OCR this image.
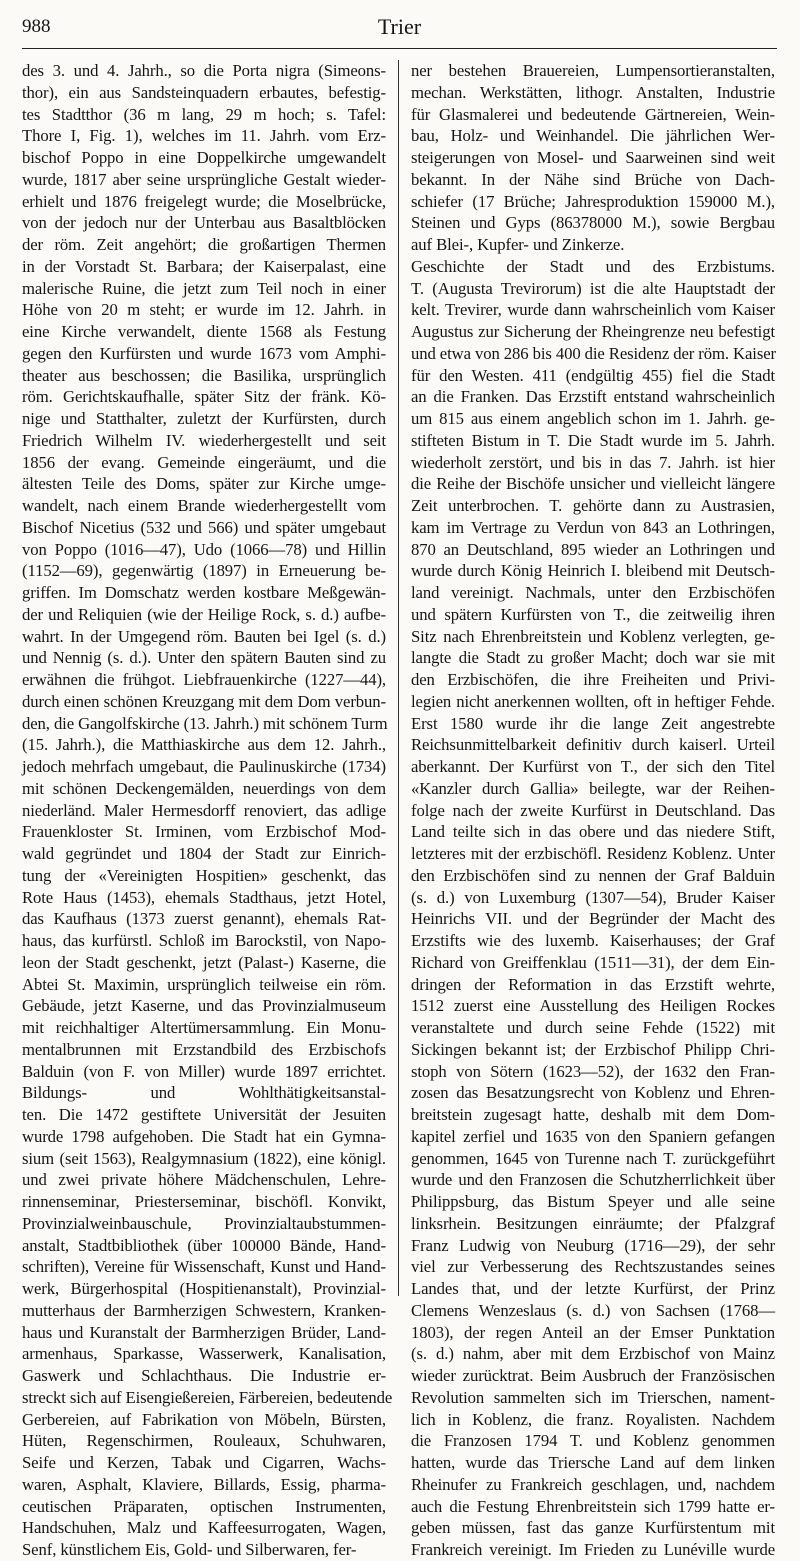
988	Trier
des 3. und 4. Jahrh., so die Porta nigra (Simeons-
thor), ein aus Sandsteinquadern erbautes, befestig-
tes Stadtthor (36 m lang, 29 m hoch; s. Tafel:
Thore I, Fig. 1), welches im 11. Jahrh. vom Erz-
bischof Poppo in eine Doppelkirche umgewandelt
wurde, 1817 aber seine ursprüngliche Gestalt wieder-
erhielt und 1876 freigelegt wurde; die Moselbrücke,
von der jedoch nur der Unterbau aus Basaltblöcken
der röm. Zeit angehört; die großartigen Thermen
in der Vorstadt St. Barbara; der Kaiserpalast, eine
malerische Ruine, die jetzt zum Teil noch in einer
Höhe von 20 m steht; er wurde im 12. Jahrh. in
eine Kirche verwandelt, diente 1568 als Festung
gegen den Kurfürsten und wurde 1673 vom Amphi-
theater aus beschossen; die Basilika, ursprünglich
röm. Gerichtskaufhalle, später Sitz der fränk. Kö-
nige und Statthalter, zuletzt der Kurfürsten, durch
Friedrich Wilhelm IV. wiederhergestellt und seit
1856 der evang. Gemeinde eingeräumt, und die
ältesten Teile des Doms, später zur Kirche umge-
wandelt, nach einem Brande wiederhergestellt vom
Bischof Nicetius (532 und 566) und später umgebaut
von Poppo (1016—47), Udo (1066—78) und Hillin
(1152—69), gegenwärtig (1897) in Erneuerung be-
griffen. Im Domschatz werden kostbare Meßgewän-
der und Reliquien (wie der Heilige Rock, s. d.) aufbe-
wahrt. In der Umgegend röm. Bauten bei Igel (s. d.)
und Nennig (s. d.). Unter den spätern Bauten sind zu
erwähnen die frühgot. Liebfrauenkirche (1227—44),
durch einen schönen Kreuzgang mit dem Dom verbun-
den, die Gangolfskirche (13. Jahrh.) mit schönem Turm
(15. Jahrh.), die Matthiaskirche aus dem 12. Jahrh.,
jedoch mehrfach umgebaut, die Paulinuskirche (1734)
mit schönen Deckengemälden, neuerdings von dem
niederländ. Maler Hermesdorff renoviert, das adlige
Frauenkloster St. Irminen, vom Erzbischof Mod-
wald gegründet und 1804 der Stadt zur Einrich-
tung der «Vereinigten Hospitien» geschenkt, das
Rote Haus (1453), ehemals Stadthaus, jetzt Hotel,
das Kaufhaus (1373 zuerst genannt), ehemals Rat-
haus, das kurfürstl. Schloß im Barockstil, von Napo-
leon der Stadt geschenkt, jetzt (Palast-) Kaserne, die
Abtei St. Maximin, ursprünglich teilweise ein röm.
Gebäude, jetzt Kaserne, und das Provinzialmuseum
mit reichhaltiger Altertümersammlung. Ein Monu-
mentalbrunnen mit Erzstandbild des Erzbischofs
Balduin (von F. von Miller) wurde 1897 errichtet.
Bildungs- und Wohlthätigkeitsanstal-
ten. Die 1472 gestiftete Universität der Jesuiten
wurde 1798 aufgehoben. Die Stadt hat ein Gymna-
sium (seit 1563), Realgymnasium (1822), eine königl.
und zwei private höhere Mädchenschulen, Lehre-
rinnenseminar, Priesterseminar, bischöfl. Konvikt,
Provinzialweinbauschule, Provinzialtaubstummen-
anstalt, Stadtbibliothek (über 100000 Bände, Hand-
schriften), Vereine für Wissenschaft, Kunst und Hand-
werk, Bürgerhospital (Hospitienanstalt), Provinzial-
mutterhaus der Barmherzigen Schwestern, Kranken-
haus und Kuranstalt der Barmherzigen Brüder, Land-
armenhaus, Sparkasse, Wasserwerk, Kanalisation,
Gaswerk und Schlachthaus. Die Industrie er-
streckt sich auf Eisengießereien, Färbereien, bedeutende
Gerbereien, auf Fabrikation von Möbeln, Bürsten,
Hüten, Regenschirmen, Rouleaux, Schuhwaren,
Seife und Kerzen, Tabak und Cigarren, Wachs-
waren, Asphalt, Klaviere, Billards, Essig, pharma-
ceutischen Präparaten, optischen Instrumenten,
Handschuhen, Malz und Kaffeesurrogaten, Wagen,
Senf, künstlichem Eis, Gold- und Silberwaren, fer-
ner bestehen Brauereien, Lumpensortieranstalten,
mechan. Werkstätten, lithogr. Anstalten, Industrie
für Glasmalerei und bedeutende Gärtnereien, Wein-
bau, Holz- und Weinhandel. Die jährlichen Wer-
steigerungen von Mosel- und Saarweinen sind weit
bekannt. In der Nähe sind Brüche von Dach-
schiefer (17 Brüche; Jahresproduktion 159000 M.),
Steinen und Gyps (86378000 M.), sowie Bergbau
auf Blei-, Kupfer- und Zinkerze.
Geschichte der Stadt und des Erzbistums.
T. (Augusta Trevirorum) ist die alte Hauptstadt der
kelt. Trevirer, wurde dann wahrscheinlich vom Kaiser
Augustus zur Sicherung der Rheingrenze neu befestigt
und etwa von 286 bis 400 die Residenz der röm. Kaiser
für den Westen. 411 (endgültig 455) fiel die Stadt
an die Franken. Das Erzstift entstand wahrscheinlich
um 815 aus einem angeblich schon im 1. Jahrh. ge-
stifteten Bistum in T. Die Stadt wurde im 5. Jahrh.
wiederholt zerstört, und bis in das 7. Jahrh. ist hier
die Reihe der Bischöfe unsicher und vielleicht längere
Zeit unterbrochen. T. gehörte dann zu Austrasien,
kam im Vertrage zu Verdun von 843 an Lothringen,
870 an Deutschland, 895 wieder an Lothringen und
wurde durch König Heinrich I. bleibend mit Deutsch-
land vereinigt. Nachmals, unter den Erzbischöfen
und spätern Kurfürsten von T., die zeitweilig ihren
Sitz nach Ehrenbreitstein und Koblenz verlegten, ge-
langte die Stadt zu großer Macht; doch war sie mit
den Erzbischöfen, die ihre Freiheiten und Privi-
legien nicht anerkennen wollten, oft in heftiger Fehde.
Erst 1580 wurde ihr die lange Zeit angestrebte
Reichsunmittelbarkeit definitiv durch kaiserl. Urteil
aberkannt. Der Kurfürst von T., der sich den Titel
«Kanzler durch Gallia» beilegte, war der Reihen-
folge nach der zweite Kurfürst in Deutschland. Das
Land teilte sich in das obere und das niedere Stift,
letzteres mit der erzbischöfl. Residenz Koblenz. Unter
den Erzbischöfen sind zu nennen der Graf Balduin
(s. d.) von Luxemburg (1307—54), Bruder Kaiser
Heinrichs VII. und der Begründer der Macht des
Erzstifts wie des luxemb. Kaiserhauses; der Graf
Richard von Greiffenklau (1511—31), der dem Ein-
dringen der Reformation in das Erzstift wehrte,
1512 zuerst eine Ausstellung des Heiligen Rockes
veranstaltete und durch seine Fehde (1522) mit
Sickingen bekannt ist; der Erzbischof Philipp Chri-
stoph von Sötern (1623—52), der 1632 den Fran-
zosen das Besatzungsrecht von Koblenz und Ehren-
breitstein zugesagt hatte, deshalb mit dem Dom-
kapitel zerfiel und 1635 von den Spaniern gefangen
genommen, 1645 von Turenne nach T. zurückgeführt
wurde und den Franzosen die Schutzherrlichkeit über
Philippsburg, das Bistum Speyer und alle seine
linksrhein. Besitzungen einräumte; der Pfalzgraf
Franz Ludwig von Neuburg (1716—29), der sehr
viel zur Verbesserung des Rechtszustandes seines
Landes that, und der letzte Kurfürst, der Prinz
Clemens Wenzeslaus (s. d.) von Sachsen (1768—
1803), der regen Anteil an der Emser Punktation
(s. d.) nahm, aber mit dem Erzbischof von Mainz
wieder zurücktrat. Beim Ausbruch der Französischen
Revolution sammelten sich im Trierschen, nament-
lich in Koblenz, die franz. Royalisten. Nachdem
die Franzosen 1794 T. und Koblenz genommen
hatten, wurde das Triersche Land auf dem linken
Rheinufer zu Frankreich geschlagen, und, nachdem
auch die Festung Ehrenbreitstein sich 1799 hatte er-
geben müssen, fast das ganze Kurfürstentum mit
Frankreich vereinigt. Im Frieden zu Lunéville wurde
